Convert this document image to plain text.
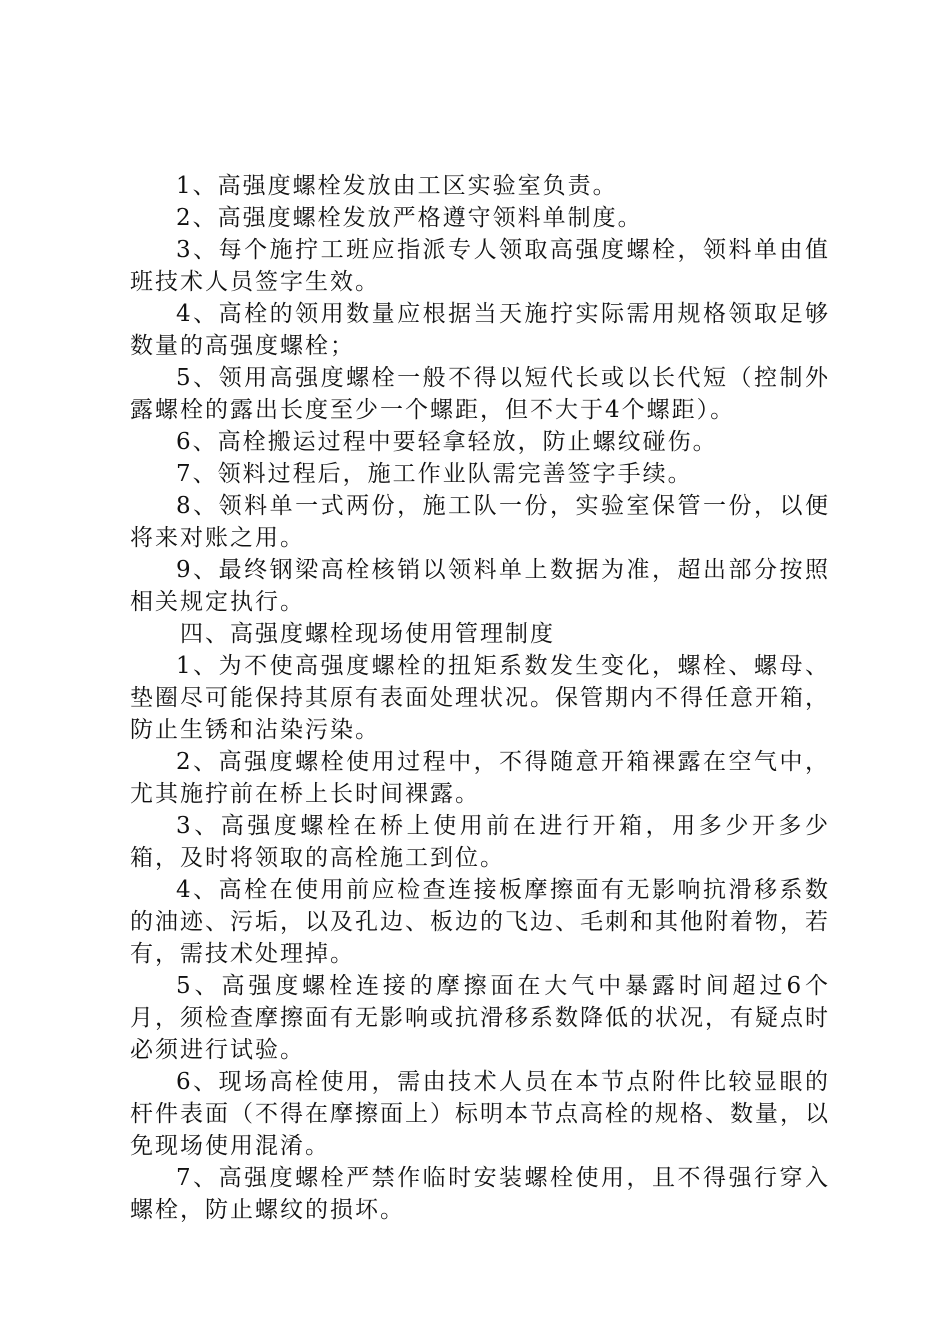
1、高强度螺栓发放由工区实验室负责。

2、高强度螺栓发放严格遵守领料单制度。

3、每个施拧工班应指派专人领取高强度螺栓，领料单由值班技术人员签字生效。

4、高栓的领用数量应根据当天施拧实际需用规格领取足够数量的高强度螺栓；

5、领用高强度螺栓一般不得以短代长或以长代短（控制外露螺栓的露出长度至少一个螺距，但不大于4个螺距）。

6、高栓搬运过程中要轻拿轻放，防止螺纹碰伤。

7、领料过程后，施工作业队需完善签字手续。

8、领料单一式两份，施工队一份，实验室保管一份，以便将来对账之用。

9、最终钢梁高栓核销以领料单上数据为准，超出部分按照相关规定执行。

四、高强度螺栓现场使用管理制度

1、为不使高强度螺栓的扭矩系数发生变化，螺栓、螺母、垫圈尽可能保持其原有表面处理状况。保管期内不得任意开箱，防止生锈和沾染污染。

2、高强度螺栓使用过程中，不得随意开箱裸露在空气中，尤其施拧前在桥上长时间裸露。

3、高强度螺栓在桥上使用前在进行开箱，用多少开多少箱，及时将领取的高栓施工到位。

4、高栓在使用前应检查连接板摩擦面有无影响抗滑移系数的油迹、污垢，以及孔边、板边的飞边、毛刺和其他附着物，若有，需技术处理掉。

5、高强度螺栓连接的摩擦面在大气中暴露时间超过6个月，须检查摩擦面有无影响或抗滑移系数降低的状况，有疑点时必须进行试验。

6、现场高栓使用，需由技术人员在本节点附件比较显眼的杆件表面（不得在摩擦面上）标明本节点高栓的规格、数量，以免现场使用混淆。

7、高强度螺栓严禁作临时安装螺栓使用，且不得强行穿入螺栓，防止螺纹的损坏。
